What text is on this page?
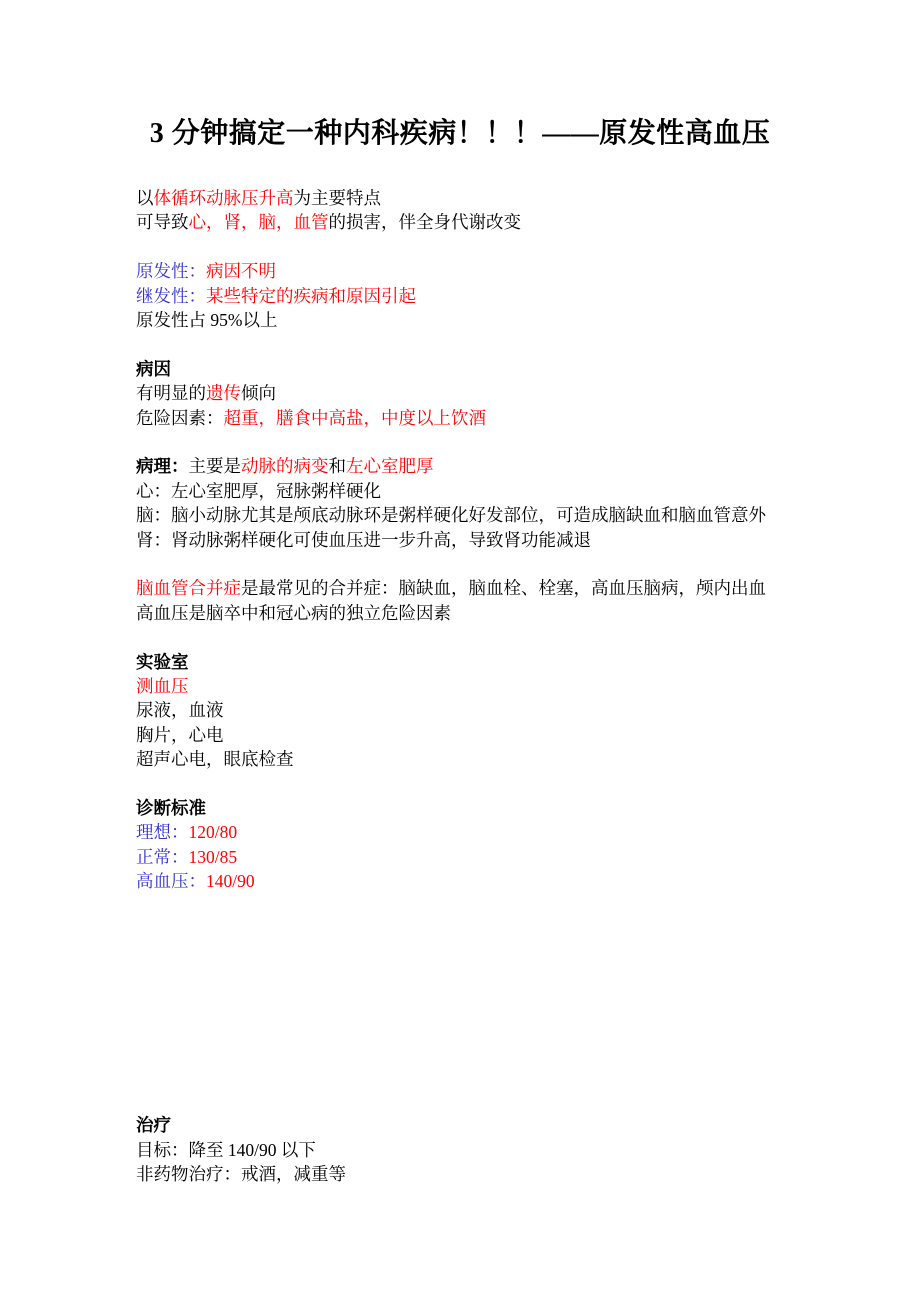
3 分钟搞定一种内科疾病！！！——原发性高血压
以体循环动脉压升高为主要特点
可导致心，肾，脑，血管的损害，伴全身代谢改变
原发性：病因不明
继发性：某些特定的疾病和原因引起
原发性占 95%以上
病因
有明显的遗传倾向
危险因素：超重，膳食中高盐，中度以上饮酒
病理：主要是动脉的病变和左心室肥厚
心：左心室肥厚，冠脉粥样硬化
脑：脑小动脉尤其是颅底动脉环是粥样硬化好发部位，可造成脑缺血和脑血管意外
肾：肾动脉粥样硬化可使血压进一步升高，导致肾功能减退
脑血管合并症是最常见的合并症：脑缺血，脑血栓、栓塞，高血压脑病，颅内出血
高血压是脑卒中和冠心病的独立危险因素
实验室
测血压
尿液，血液
胸片，心电
超声心电，眼底检查
诊断标准
理想：120/80
正常：130/85
高血压：140/90
治疗
目标：降至 140/90 以下
非药物治疗：戒酒，减重等
